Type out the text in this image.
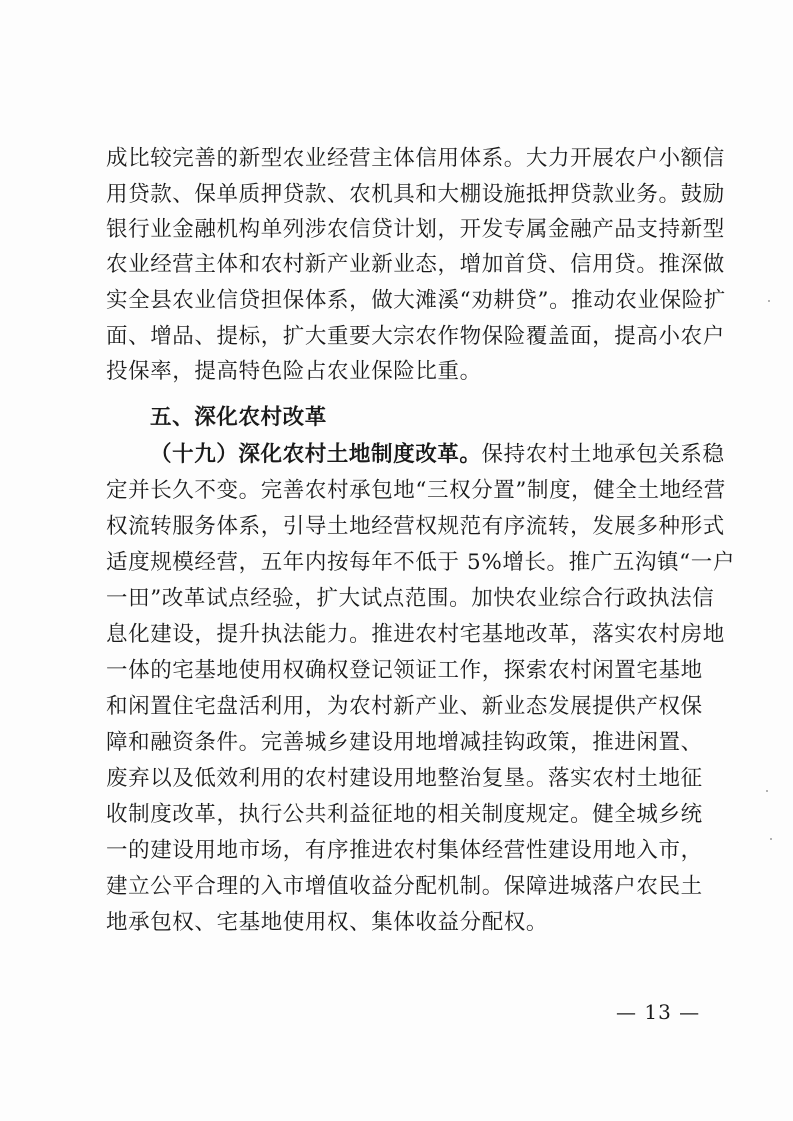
成比较完善的新型农业经营主体信用体系。大力开展农户小额信
用贷款、保单质押贷款、农机具和大棚设施抵押贷款业务。鼓励
银行业金融机构单列涉农信贷计划，开发专属金融产品支持新型
农业经营主体和农村新产业新业态，增加首贷、信用贷。推深做
实全县农业信贷担保体系，做大滩溪“劝耕贷”。推动农业保险扩
面、增品、提标，扩大重要大宗农作物保险覆盖面，提高小农户
投保率，提高特色险占农业保险比重。
五、深化农村改革
（十九）深化农村土地制度改革。保持农村土地承包关系稳
定并长久不变。完善农村承包地“三权分置”制度，健全土地经营
权流转服务体系，引导土地经营权规范有序流转，发展多种形式
适度规模经营，五年内按每年不低于 5%增长。推广五沟镇“一户
一田”改革试点经验，扩大试点范围。加快农业综合行政执法信
息化建设，提升执法能力。推进农村宅基地改革，落实农村房地
一体的宅基地使用权确权登记领证工作，探索农村闲置宅基地
和闲置住宅盘活利用，为农村新产业、新业态发展提供产权保
障和融资条件。完善城乡建设用地增减挂钩政策，推进闲置、
废弃以及低效利用的农村建设用地整治复垦。落实农村土地征
收制度改革，执行公共利益征地的相关制度规定。健全城乡统
一的建设用地市场，有序推进农村集体经营性建设用地入市，
建立公平合理的入市增值收益分配机制。保障进城落户农民土
地承包权、宅基地使用权、集体收益分配权。
— 13 —
